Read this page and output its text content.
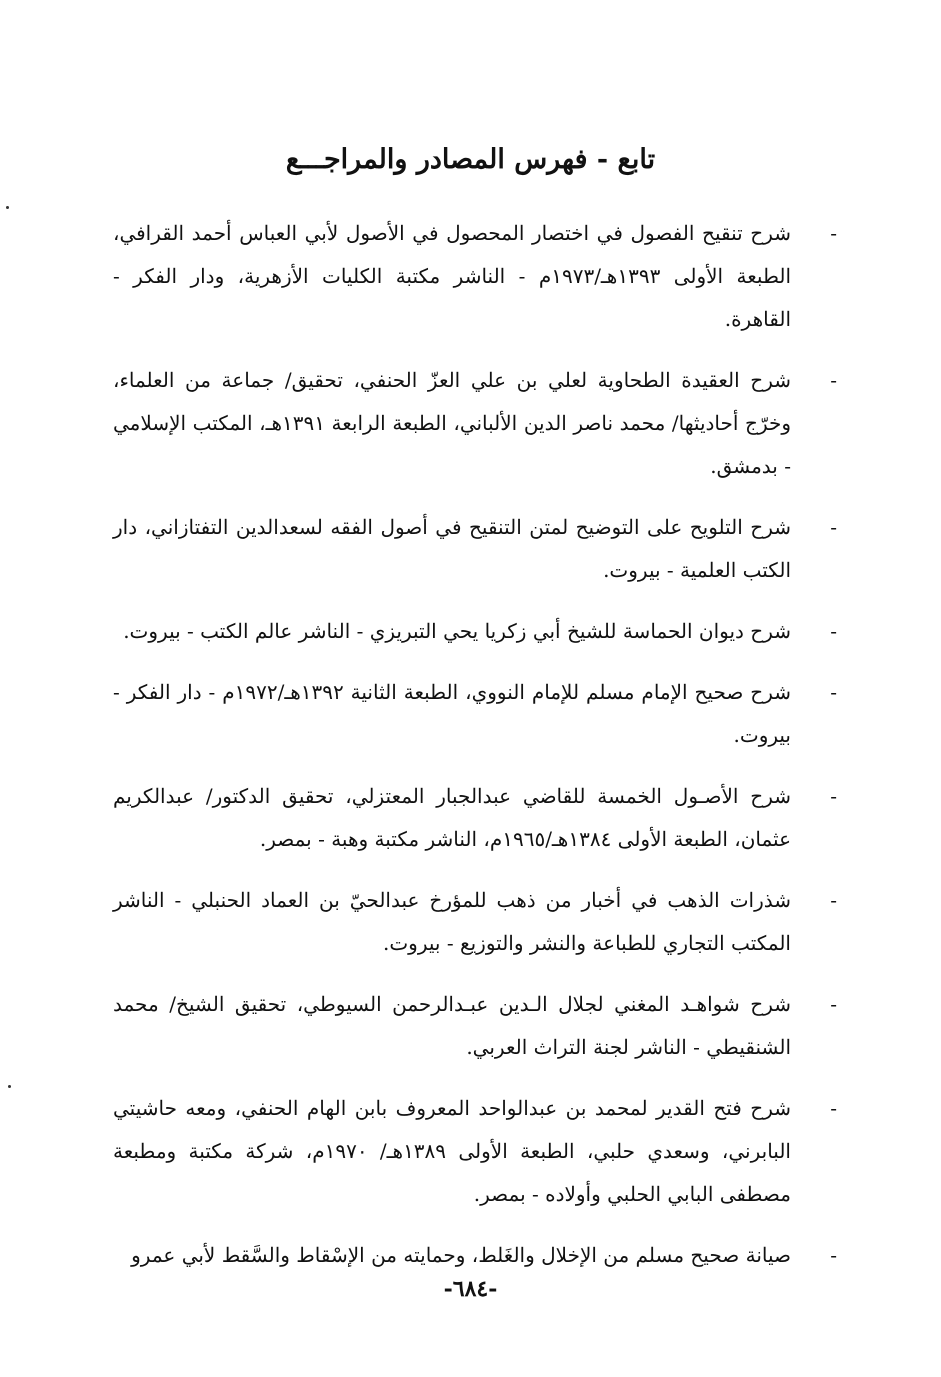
تابع - فهرس المصادر والمراجـــع
-
شرح تنقيح الفصول في اختصار المحصول في الأصول لأبي العباس أحمد القرافي، الطبعة الأولى ١٣٩٣هـ/١٩٧٣م - الناشر مكتبة الكليات الأزهرية، ودار الفكر - القاهرة.
-
شرح العقيدة الطحاوية لعلي بن علي العزّ الحنفي، تحقيق/ جماعة من العلماء، وخرّج أحاديثها/ محمد ناصر الدين الألباني، الطبعة الرابعة ١٣٩١هـ، المكتب الإسلامي - بدمشق.
-
شرح التلويح على التوضيح لمتن التنقيح في أصول الفقه لسعدالدين التفتازاني، دار الكتب العلمية - بيروت.
-
شرح ديوان الحماسة للشيخ أبي زكريا يحي التبريزي - الناشر عالم الكتب - بيروت.
-
شرح صحيح الإمام مسلم للإمام النووي، الطبعة الثانية ١٣٩٢هـ/١٩٧٢م - دار الفكر - بيروت.
-
شرح الأصـول الخمسة للقاضي عبدالجبار المعتزلي، تحقيق الدكتور/ عبدالكريم عثمان، الطبعة الأولى ١٣٨٤هـ/١٩٦٥م، الناشر مكتبة وهبة - بمصر.
-
شذرات الذهب في أخبار من ذهب للمؤرخ عبدالحيّ بن العماد الحنبلي - الناشر المكتب التجاري للطباعة والنشر والتوزيع - بيروت.
-
شرح شواهـد المغني لجلال الـدين عبـدالرحمن السيوطي، تحقيق الشيخ/ محمد الشنقيطي - الناشر لجنة التراث العربي.
-
شرح فتح القدير لمحمد بن عبدالواحد المعروف بابن الهام الحنفي، ومعه حاشيتي البابرني، وسعدي حلبي، الطبعة الأولى ١٣٨٩هـ/ ١٩٧٠م، شركة مكتبة ومطبعة مصطفى البابي الحلبي وأولاده - بمصر.
-
صيانة صحيح مسلم من الإخلال والغَلط، وحمايته من الإسْقاط والسَّقط لأبي عمرو
-٦٨٤-
